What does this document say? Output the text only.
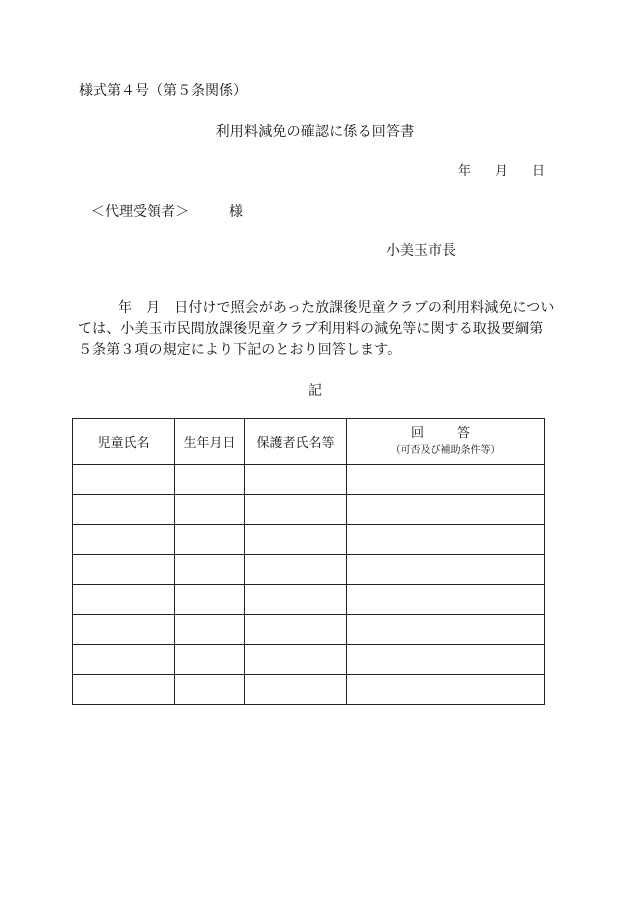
様式第４号（第５条関係）
利用料減免の確認に係る回答書
年 月 日
＜代理受領者＞	様
小美玉市長
年 月 日付けで照会があった放課後児童クラブの利用料減免については、小美玉市民間放課後児童クラブ利用料の減免等に関する取扱要綱第５条第３項の規定により下記のとおり回答します。
記
児童氏名	生年月日	保護者氏名等	回　答
（可否及び補助条件等）
